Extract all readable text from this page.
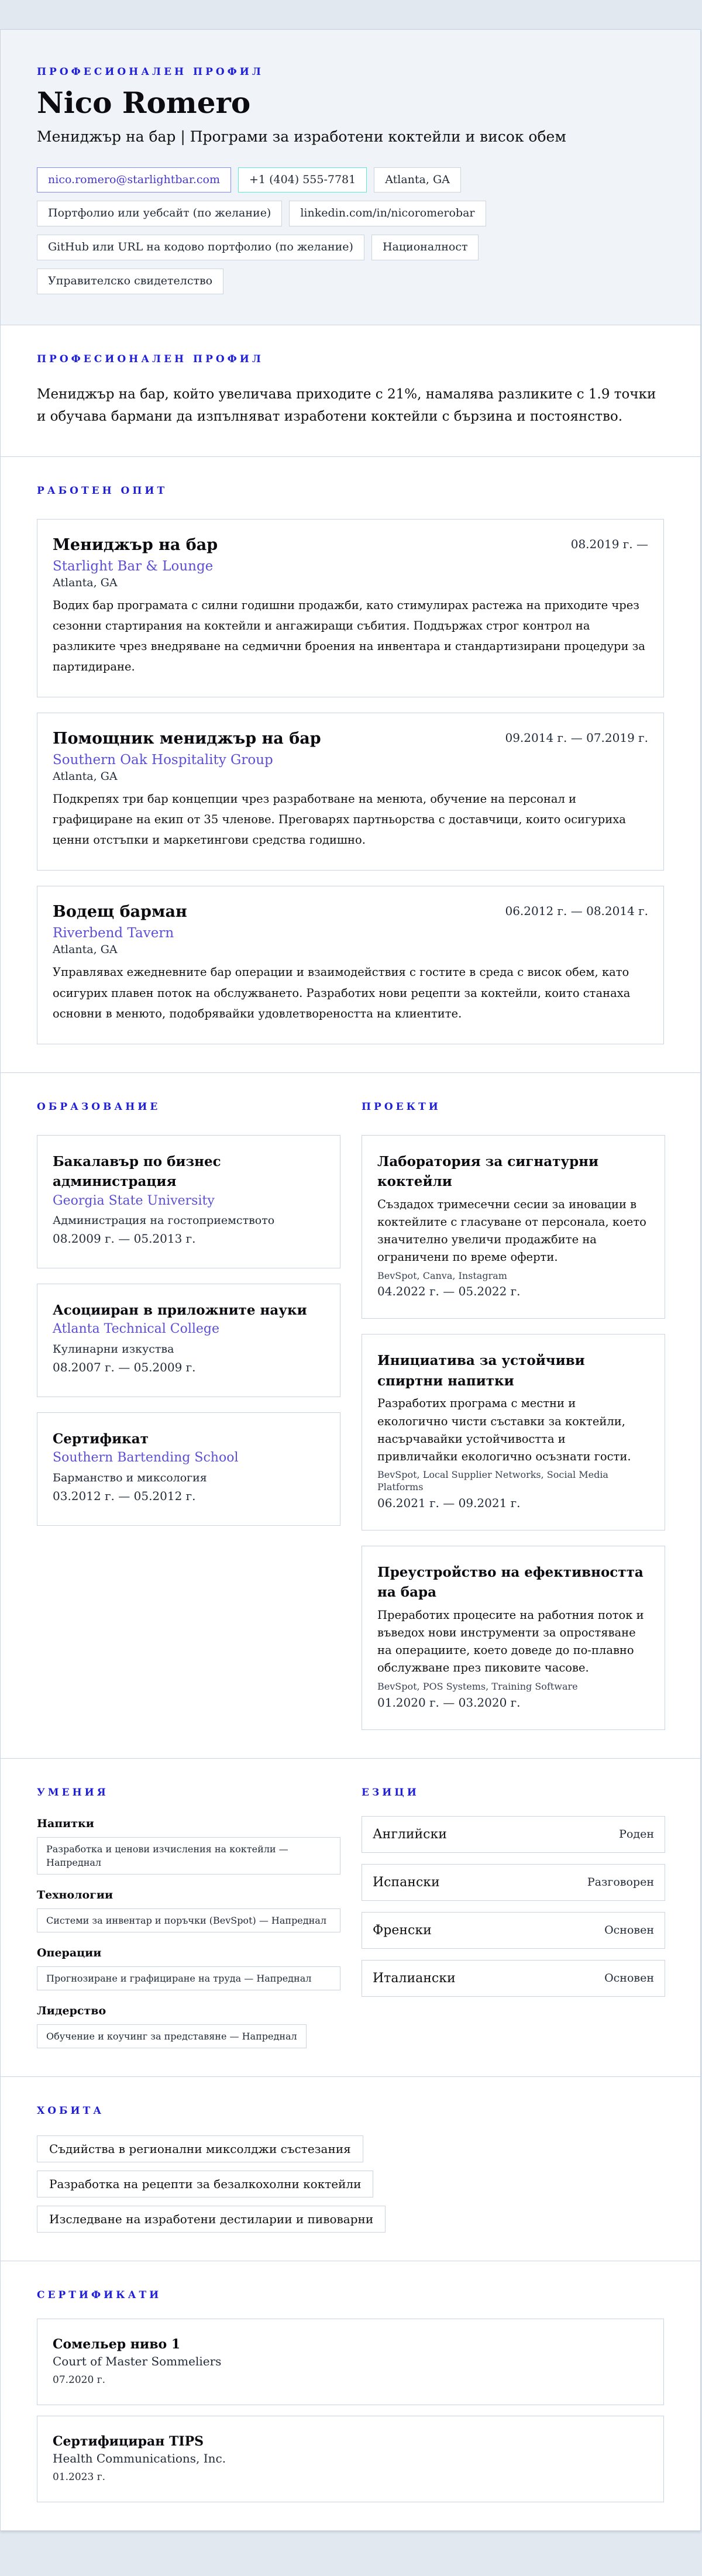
ПРОФЕСИОНАЛЕН ПРОФИЛ
Nico Romero
Мениджър на бар | Програми за изработени коктейли и висок обем
nico.romero@starlightbar.com	+1 (404) 555-7781	Atlanta, GA
Портфолио или уебсайт (по желание)	linkedin.com/in/nicoromerobar
GitHub или URL на кодово портфолио (по желание)	Националност
Управителско свидетелство
ПРОФЕСИОНАЛЕН ПРОФИЛ

Мениджър на бар, който увеличава приходите с 21%, намалява разликите с 1.9 точки и обучава бармани да изпълняват изработени коктейли с бързина и постоянство.

РАБОТЕН ОПИТ
Мениджър на бар	08.2019 г. —
Starlight Bar & Lounge
Atlanta, GA

Водих бар програмата с силни годишни продажби, като стимулирах растежа на приходите чрез сезонни стартирания на коктейли и ангажиращи събития. Поддържах строг контрол на разликите чрез внедряване на седмични броения на инвентара и стандартизирани процедури за партидиране.

Помощник мениджър на бар	09.2014 г. — 07.2019 г.
Southern Oak Hospitality Group
Atlanta, GA

Подкрепях три бар концепции чрез разработване на менюта, обучение на персонал и графициране на екип от 35 членове. Преговарях партньорства с доставчици, които осигуриха ценни отстъпки и маркетингови средства годишно.

Водещ барман	06.2012 г. — 08.2014 г.
Riverbend Tavern
Atlanta, GA

Управлявах ежедневните бар операции и взаимодействия с гостите в среда с висок обем, като осигурих плавен поток на обслужването. Разработих нови рецепти за коктейли, които станаха основни в менюто, подобрявайки удовлетвореността на клиентите.

ОБРАЗОВАНИЕ
Бакалавър по бизнес администрация
Georgia State University
Администрация на гостоприемството
08.2009 г. — 05.2013 г.
Асоцииран в приложните науки
Atlanta Technical College
Кулинарни изкуства
08.2007 г. — 05.2009 г.
Сертификат
Southern Bartending School
Барманство и миксология
03.2012 г. — 05.2012 г.
ПРОЕКТИ
Лаборатория за сигнатурни коктейли

Създадох тримесечни сесии за иновации в коктейлите с гласуване от персонала, което значително увеличи продажбите на ограничени по време оферти.

BevSpot, Canva, Instagram
04.2022 г. — 05.2022 г.
Инициатива за устойчиви спиртни напитки

Разработих програма с местни и екологично чисти съставки за коктейли, насърчавайки устойчивостта и привличайки екологично осъзнати гости.

BevSpot, Local Supplier Networks, Social Media Platforms
06.2021 г. — 09.2021 г.
Преустройство на ефективността на бара

Преработих процесите на работния поток и въведох нови инструменти за опростяване на операциите, което доведе до по-плавно обслужване през пиковите часове.

BevSpot, POS Systems, Training Software
01.2020 г. — 03.2020 г.
УМЕНИЯ
Напитки
Разработка и ценови изчисления на коктейли — Напреднал
Технологии
Системи за инвентар и поръчки (BevSpot) — Напреднал
Операции
Прогнозиране и графициране на труда — Напреднал
Лидерство
Обучение и коучинг за представяне — Напреднал
ЕЗИЦИ
Английски	Роден
Испански	Разговорен
Френски	Основен
Италиански	Основен
ХОБИТА
Съдийства в регионални миксолджи състезания
Разработка на рецепти за безалкохолни коктейли
Изследване на изработени дестиларии и пивоварни
СЕРТИФИКАТИ
Сомельер ниво 1
Court of Master Sommeliers
07.2020 г.
Сертифициран TIPS
Health Communications, Inc.
01.2023 г.
